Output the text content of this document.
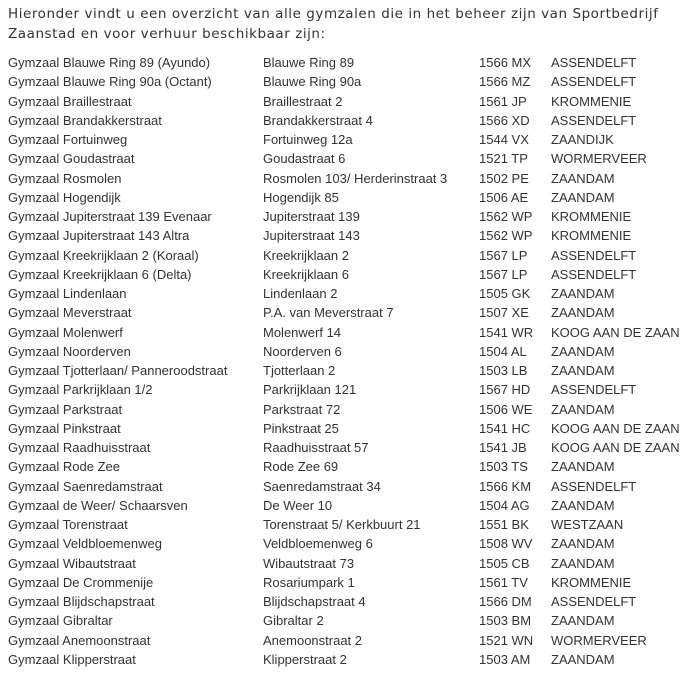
Hieronder vindt u een overzicht van alle gymzalen die in het beheer zijn van Sportbedrijf Zaanstad en voor verhuur beschikbaar zijn:

Gymzaal Blauwe Ring 89 (Ayundo)	Blauwe Ring 89	1566 MX	ASSENDELFT
Gymzaal Blauwe Ring 90a (Octant)	Blauwe Ring 90a	1566 MZ	ASSENDELFT
Gymzaal Braillestraat	Braillestraat 2	1561 JP	KROMMENIE
Gymzaal Brandakkerstraat	Brandakkerstraat 4	1566 XD	ASSENDELFT
Gymzaal Fortuinweg	Fortuinweg 12a	1544 VX	ZAANDIJK
Gymzaal Goudastraat	Goudastraat 6	1521 TP	WORMERVEER
Gymzaal Rosmolen	Rosmolen 103/ Herderinstraat 3	1502 PE	ZAANDAM
Gymzaal Hogendijk	Hogendijk 85	1506 AE	ZAANDAM
Gymzaal Jupiterstraat 139 Evenaar	Jupiterstraat 139	1562 WP	KROMMENIE
Gymzaal Jupiterstraat 143 Altra	Jupiterstraat 143	1562 WP	KROMMENIE
Gymzaal Kreekrijklaan 2 (Koraal)	Kreekrijklaan 2	1567 LP	ASSENDELFT
Gymzaal Kreekrijklaan 6 (Delta)	Kreekrijklaan 6	1567 LP	ASSENDELFT
Gymzaal Lindenlaan	Lindenlaan 2	1505 GK	ZAANDAM
Gymzaal Meverstraat	P.A. van Meverstraat 7	1507 XE	ZAANDAM
Gymzaal Molenwerf	Molenwerf 14	1541 WR	KOOG AAN DE ZAAN
Gymzaal Noorderven	Noorderven 6	1504 AL	ZAANDAM
Gymzaal Tjotterlaan/ Panneroodstraat	Tjotterlaan 2	1503 LB	ZAANDAM
Gymzaal Parkrijklaan 1/2	Parkrijklaan 121	1567 HD	ASSENDELFT
Gymzaal Parkstraat	Parkstraat 72	1506 WE	ZAANDAM
Gymzaal Pinkstraat	Pinkstraat 25	1541 HC	KOOG AAN DE ZAAN
Gymzaal Raadhuisstraat	Raadhuisstraat 57	1541 JB	KOOG AAN DE ZAAN
Gymzaal Rode Zee	Rode Zee 69	1503 TS	ZAANDAM
Gymzaal Saenredamstraat	Saenredamstraat 34	1566 KM	ASSENDELFT
Gymzaal de Weer/ Schaarsven	De Weer 10	1504 AG	ZAANDAM
Gymzaal Torenstraat	Torenstraat 5/ Kerkbuurt 21	1551 BK	WESTZAAN
Gymzaal Veldbloemenweg	Veldbloemenweg 6	1508 WV	ZAANDAM
Gymzaal Wibautstraat	Wibautstraat 73	1505 CB	ZAANDAM
Gymzaal De Crommenije	Rosariumpark 1	1561 TV	KROMMENIE
Gymzaal Blijdschapstraat	Blijdschapstraat 4	1566 DM	ASSENDELFT
Gymzaal Gibraltar	Gibraltar 2	1503 BM	ZAANDAM
Gymzaal Anemoonstraat	Anemoonstraat 2	1521 WN	WORMERVEER
Gymzaal Klipperstraat	Klipperstraat 2	1503 AM	ZAANDAM
